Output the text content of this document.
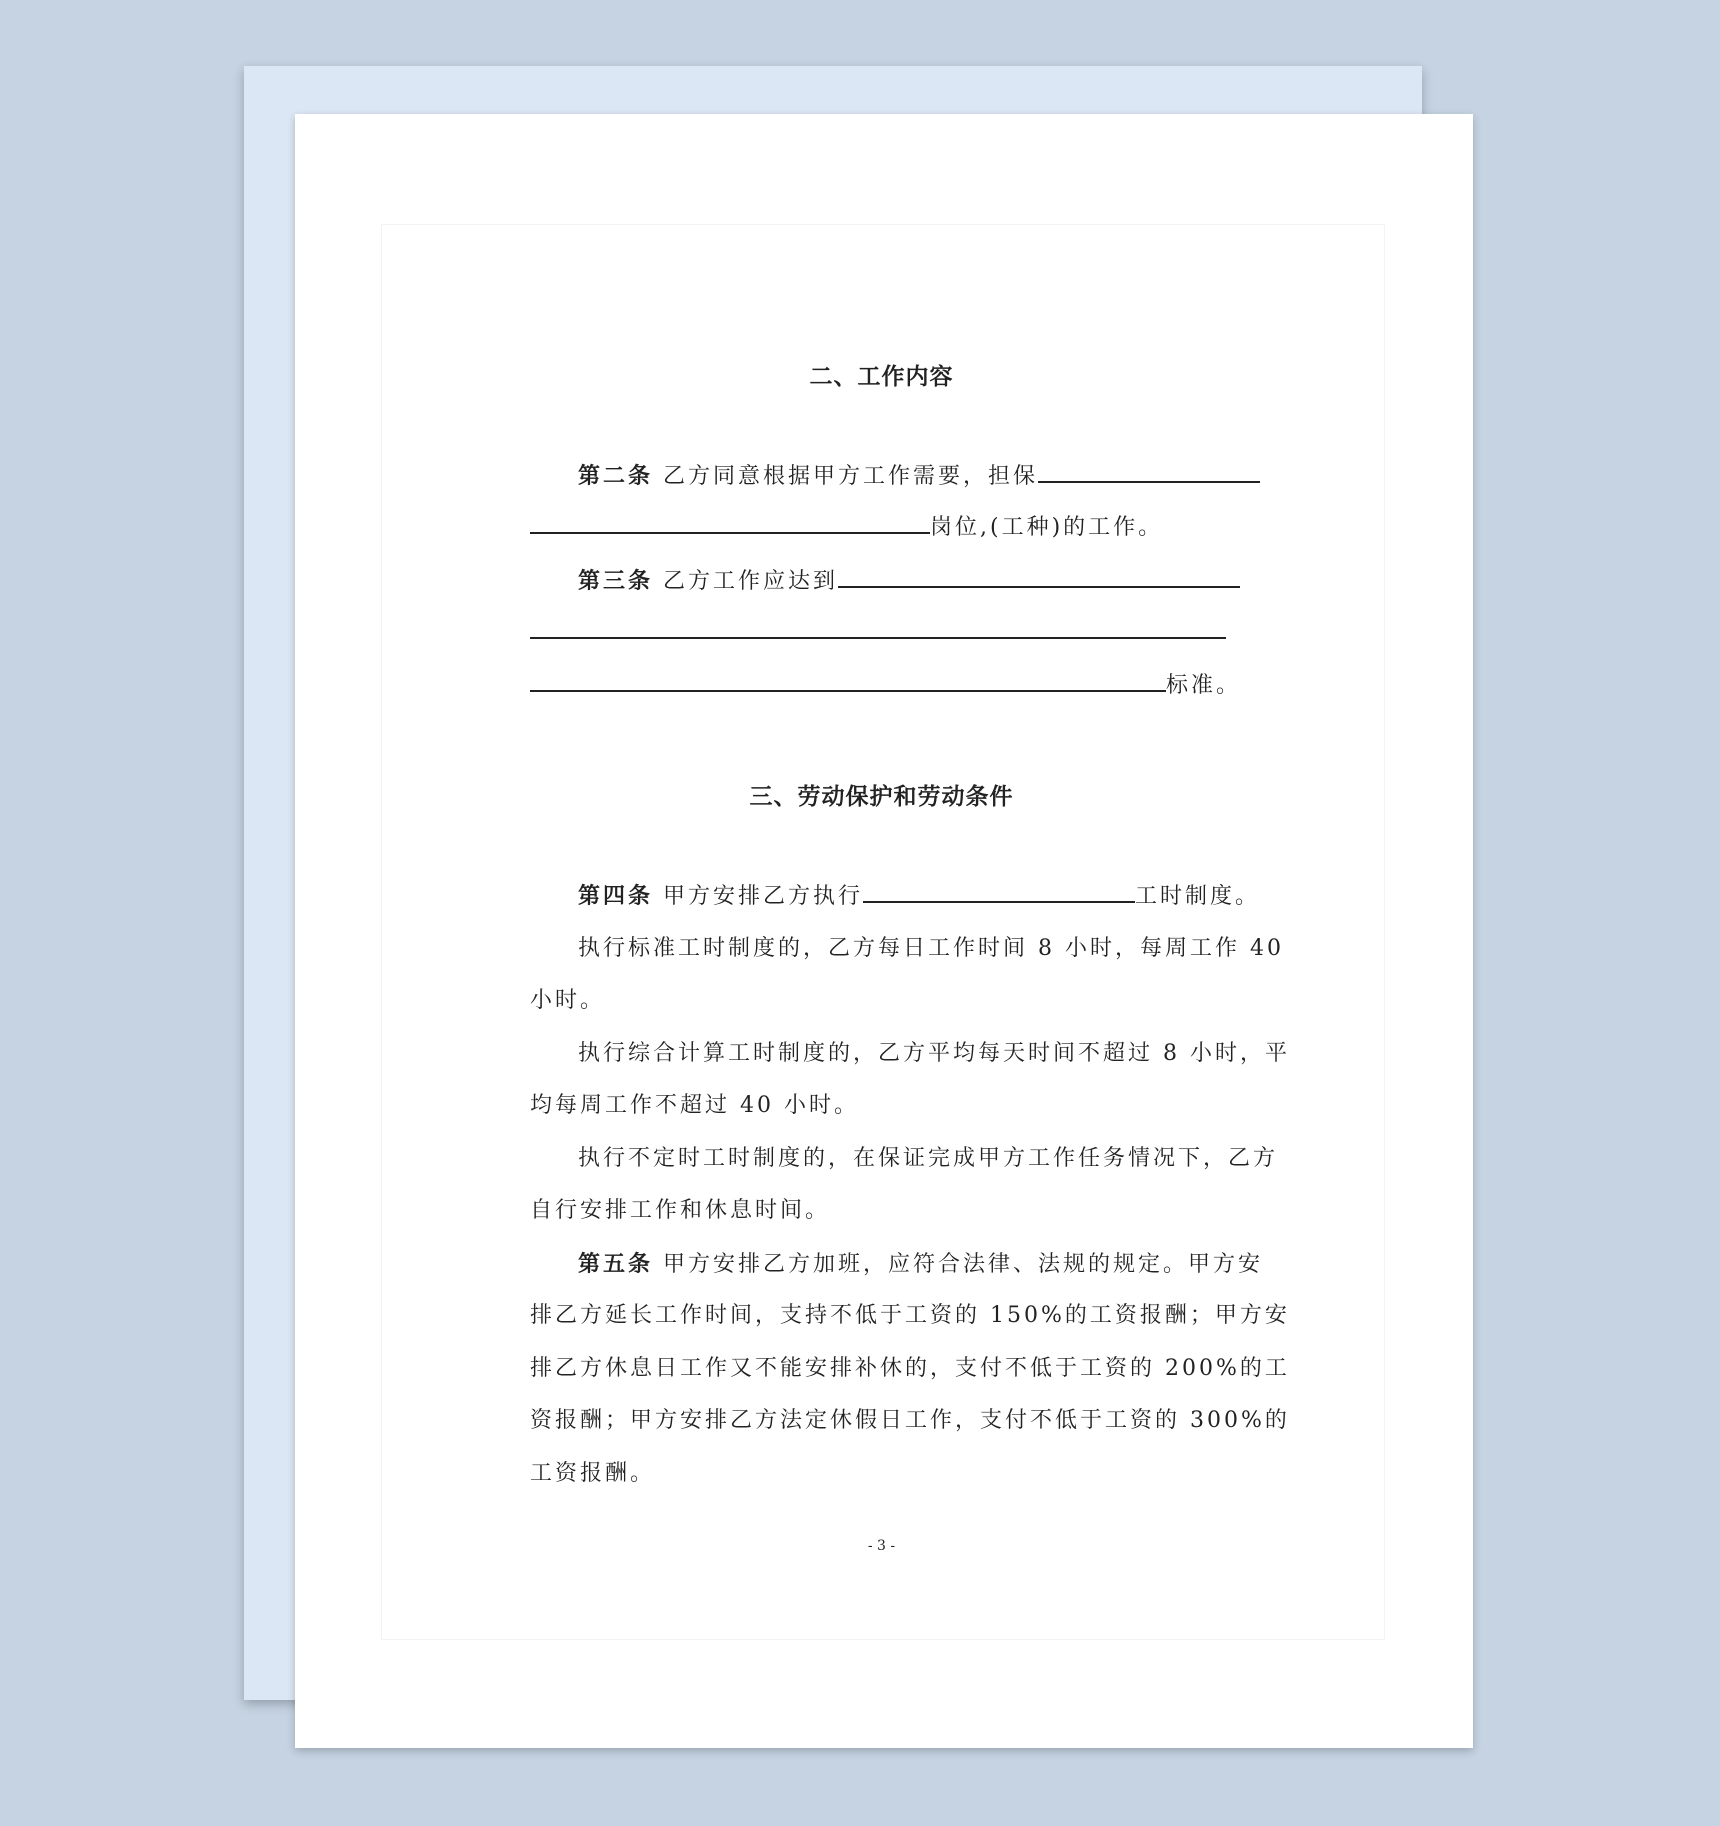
二、工作内容
第二条 乙方同意根据甲方工作需要，担保
岗位,(工种)的工作。
第三条 乙方工作应达到
标准。
三、劳动保护和劳动条件
第四条 甲方安排乙方执行	工时制度。
执行标准工时制度的，乙方每日工作时间 8 小时，每周工作 40
小时。
执行综合计算工时制度的，乙方平均每天时间不超过 8 小时，平
均每周工作不超过 40 小时。
执行不定时工时制度的，在保证完成甲方工作任务情况下，乙方
自行安排工作和休息时间。
第五条 甲方安排乙方加班，应符合法律、法规的规定。甲方安
排乙方延长工作时间，支持不低于工资的 150%的工资报酬；甲方安
排乙方休息日工作又不能安排补休的，支付不低于工资的 200%的工
资报酬；甲方安排乙方法定休假日工作，支付不低于工资的 300%的
工资报酬。
- 3 -
